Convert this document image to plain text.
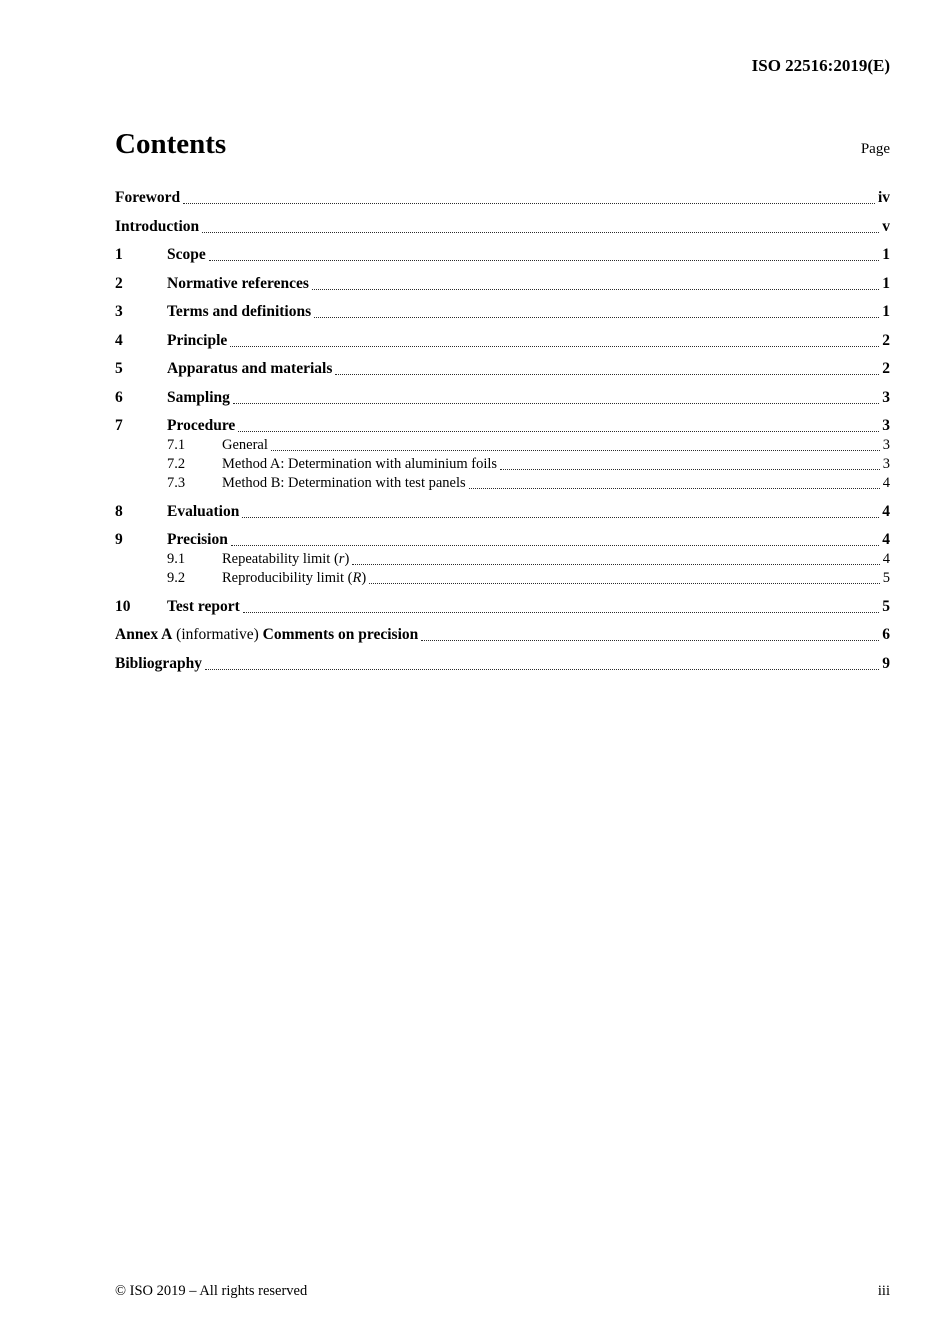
ISO 22516:2019(E)
Contents	Page
Foreword	iv
Introduction	v
1	Scope	1
2	Normative references	1
3	Terms and definitions	1
4	Principle	2
5	Apparatus and materials	2
6	Sampling	3
7	Procedure	3
7.1	General	3
7.2	Method A: Determination with aluminium foils	3
7.3	Method B: Determination with test panels	4
8	Evaluation	4
9	Precision	4
9.1	Repeatability limit (r)	4
9.2	Reproducibility limit (R)	5
10	Test report	5
Annex A (informative) Comments on precision	6
Bibliography	9
© ISO 2019 – All rights reserved	iii
